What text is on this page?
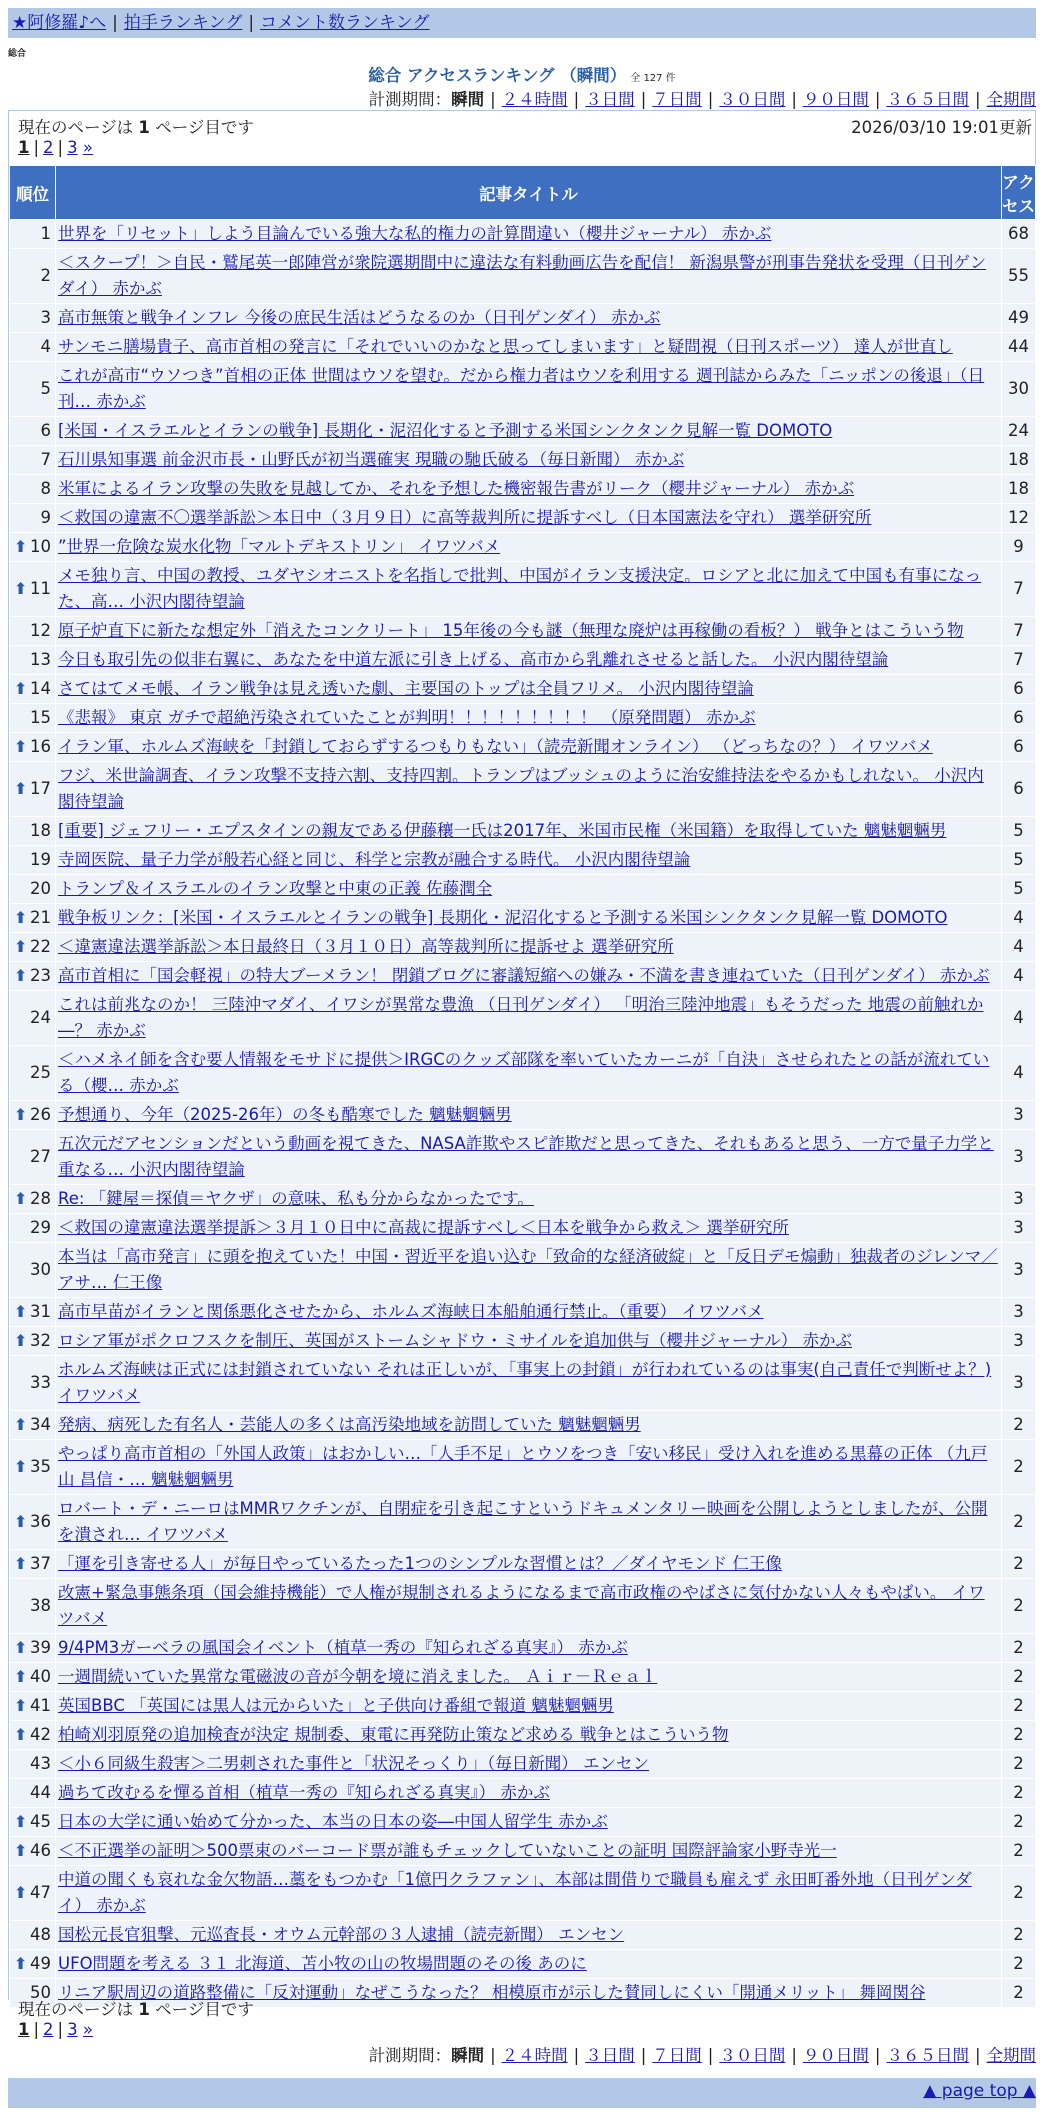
★阿修羅♪へ | 拍手ランキング | コメント数ランキング
総合
総合 アクセスランキング （瞬間） 全 127 件
計測期間：瞬間 | ２４時間 | ３日間 | ７日間 | ３０日間 | ９０日間 | ３６５日間 | 全期間
現在のページは 1 ページ目です	2026/03/10 19:01更新
1 | 2 | 3 »
順位	記事タイトル	アクセス
1	世界を「リセット」しよう目論んでいる強大な私的権力の計算間違い（櫻井ジャーナル） 赤かぶ	68
2	＜スクープ！＞自民・鷲尾英一郎陣営が衆院選期間中に違法な有料動画広告を配信！ 新潟県警が刑事告発状を受理（日刊ゲンダイ） 赤かぶ	55
3	高市無策と戦争インフレ 今後の庶民生活はどうなるのか（日刊ゲンダイ） 赤かぶ	49
4	サンモニ膳場貴子、高市首相の発言に「それでいいのかなと思ってしまいます」と疑問視（日刊スポーツ） 達人が世直し	44
5	これが高市“ウソつき”首相の正体 世間はウソを望む。だから権力者はウソを利用する 週刊誌からみた「ニッポンの後退」（日刊… 赤かぶ	30
6	[米国・イスラエルとイランの戦争] 長期化・泥沼化すると予測する米国シンクタンク見解一覧 DOMOTO	24
7	石川県知事選 前金沢市長・山野氏が初当選確実 現職の馳氏破る（毎日新聞） 赤かぶ	18
8	米軍によるイラン攻撃の失敗を見越してか、それを予想した機密報告書がリーク（櫻井ジャーナル） 赤かぶ	18
9	＜救国の違憲不〇選挙訴訟＞本日中（３月９日）に高等裁判所に提訴すべし（日本国憲法を守れ） 選挙研究所	12

⬆ 10	”世界一危険な炭水化物「マルトデキストリン」 イワツバメ	9

⬆ 11	メモ独り言、中国の教授、ユダヤシオニストを名指しで批判、中国がイラン支援決定。ロシアと北に加えて中国も有事になった、高… 小沢内閣待望論	7
12	原子炉直下に新たな想定外「消えたコンクリート」 15年後の今も謎（無理な廃炉は再稼働の看板？） 戦争とはこういう物	7
13	今日も取引先の似非右翼に、あなたを中道左派に引き上げる、高市から乳離れさせると話した。 小沢内閣待望論	7

⬆ 14	さてはてメモ帳、イラン戦争は見え透いた劇、主要国のトップは全員フリメ。 小沢内閣待望論	6
15	《悲報》 東京 ガチで超絶汚染されていたことが判明！！！！！！！！！ （原発問題） 赤かぶ	6

⬆ 16	イラン軍、ホルムズ海峡を「封鎖しておらずするつもりもない」（読売新聞オンライン） （どっちなの？） イワツバメ	6

⬆ 17	フジ、米世論調査、イラン攻撃不支持六割、支持四割。トランプはブッシュのように治安維持法をやるかもしれない。 小沢内閣待望論	6
18	[重要] ジェフリー・エプスタインの親友である伊藤穰一氏は2017年、米国市民権（米国籍）を取得していた 魑魅魍魎男	5
19	寺岡医院、量子力学が般若心経と同じ、科学と宗教が融合する時代。 小沢内閣待望論	5
20	トランプ＆イスラエルのイラン攻撃と中東の正義 佐藤潤全	5

⬆ 21	戦争板リンク：[米国・イスラエルとイランの戦争] 長期化・泥沼化すると予測する米国シンクタンク見解一覧 DOMOTO	4

⬆ 22	＜違憲違法選挙訴訟＞本日最終日（３月１０日）高等裁判所に提訴せよ 選挙研究所	4

⬆ 23	高市首相に「国会軽視」の特大ブーメラン！ 閉鎖ブログに審議短縮への嫌み・不満を書き連ねていた（日刊ゲンダイ） 赤かぶ	4
24	これは前兆なのか！ 三陸沖マダイ、イワシが異常な豊漁 （日刊ゲンダイ） 「明治三陸沖地震」もそうだった 地震の前触れか―？ 赤かぶ	4
25	＜ハメネイ師を含む要人情報をモサドに提供＞IRGCのクッズ部隊を率いていたカーニが「自決」させられたとの話が流れている（櫻… 赤かぶ	4

⬆ 26	予想通り、今年（2025-26年）の冬も酷寒でした 魑魅魍魎男	3
27	五次元だアセンションだという動画を視てきた、NASA詐欺やスピ詐欺だと思ってきた、それもあると思う、一方で量子力学と重なる… 小沢内閣待望論	3

⬆ 28	Re: 「鍵屋＝探偵＝ヤクザ」の意味、私も分からなかったです。	3
29	＜救国の違憲違法選挙提訴＞３月１０日中に高裁に提訴すべし＜日本を戦争から救え＞ 選挙研究所	3
30	本当は「高市発言」に頭を抱えていた！中国・習近平を追い込む「致命的な経済破綻」と「反日デモ煽動」独裁者のジレンマ／アサ… 仁王像	3

⬆ 31	高市早苗がイランと関係悪化させたから、ホルムズ海峡日本船舶通行禁止。（重要） イワツバメ	3

⬆ 32	ロシア軍がポクロフスクを制圧、英国がストームシャドウ・ミサイルを追加供与（櫻井ジャーナル） 赤かぶ	3
33	ホルムズ海峡は正式には封鎖されていない それは正しいが、「事実上の封鎖」が行われているのは事実(自己責任で判断せよ？) イワツバメ	3

⬆ 34	発病、病死した有名人・芸能人の多くは高汚染地域を訪問していた 魑魅魍魎男	2

⬆ 35	やっぱり高市首相の「外国人政策」はおかしい…「人手不足」とウソをつき「安い移民」受け入れを進める黒幕の正体 （九戸山 昌信・… 魑魅魍魎男	2

⬆ 36	ロバート・デ・ニーロはMMRワクチンが、自閉症を引き起こすというドキュメンタリー映画を公開しようとしましたが、公開を潰され… イワツバメ	2

⬆ 37	「運を引き寄せる人」が毎日やっているたった1つのシンプルな習慣とは？／ダイヤモンド 仁王像	2
38	改憲+緊急事態条項（国会維持機能）で人権が規制されるようになるまで高市政権のやばさに気付かない人々もやばい。 イワツバメ	2

⬆ 39	9/4PM3ガーベラの風国会イベント（植草一秀の『知られざる真実』） 赤かぶ	2

⬆ 40	一週間続いていた異常な電磁波の音が今朝を境に消えました。 Ａｉｒ－Ｒｅａｌ	2

⬆ 41	英国BBC 「英国には黒人は元からいた」と子供向け番組で報道 魑魅魍魎男	2

⬆ 42	柏崎刈羽原発の追加検査が決定 規制委、東電に再発防止策など求める 戦争とはこういう物	2
43	＜小６同級生殺害＞二男刺された事件と「状況そっくり」（毎日新聞） エンセン	2
44	過ちて改むるを憚る首相（植草一秀の『知られざる真実』） 赤かぶ	2

⬆ 45	日本の大学に通い始めて分かった、本当の日本の姿―中国人留学生 赤かぶ	2

⬆ 46	＜不正選挙の証明＞500票束のバーコード票が誰もチェックしていないことの証明 国際評論家小野寺光一	2

⬆ 47	中道の聞くも哀れな金欠物語…藁をもつかむ「1億円クラファン」、本部は間借りで職員も雇えず 永田町番外地（日刊ゲンダイ） 赤かぶ	2
48	国松元長官狙撃、元巡査長・オウム元幹部の３人逮捕（読売新聞） エンセン	2

⬆ 49	UFO問題を考える ３１ 北海道、苫小牧の山の牧場問題のその後 あのに	2
50	リニア駅周辺の道路整備に「反対運動」なぜこうなった？ 相模原市が示した賛同しにくい「開通メリット」 舞岡関谷	2
現在のページは 1 ページ目です
1 | 2 | 3 »
計測期間：瞬間 | ２４時間 | ３日間 | ７日間 | ３０日間 | ９０日間 | ３６５日間 | 全期間
▲ page top ▲
